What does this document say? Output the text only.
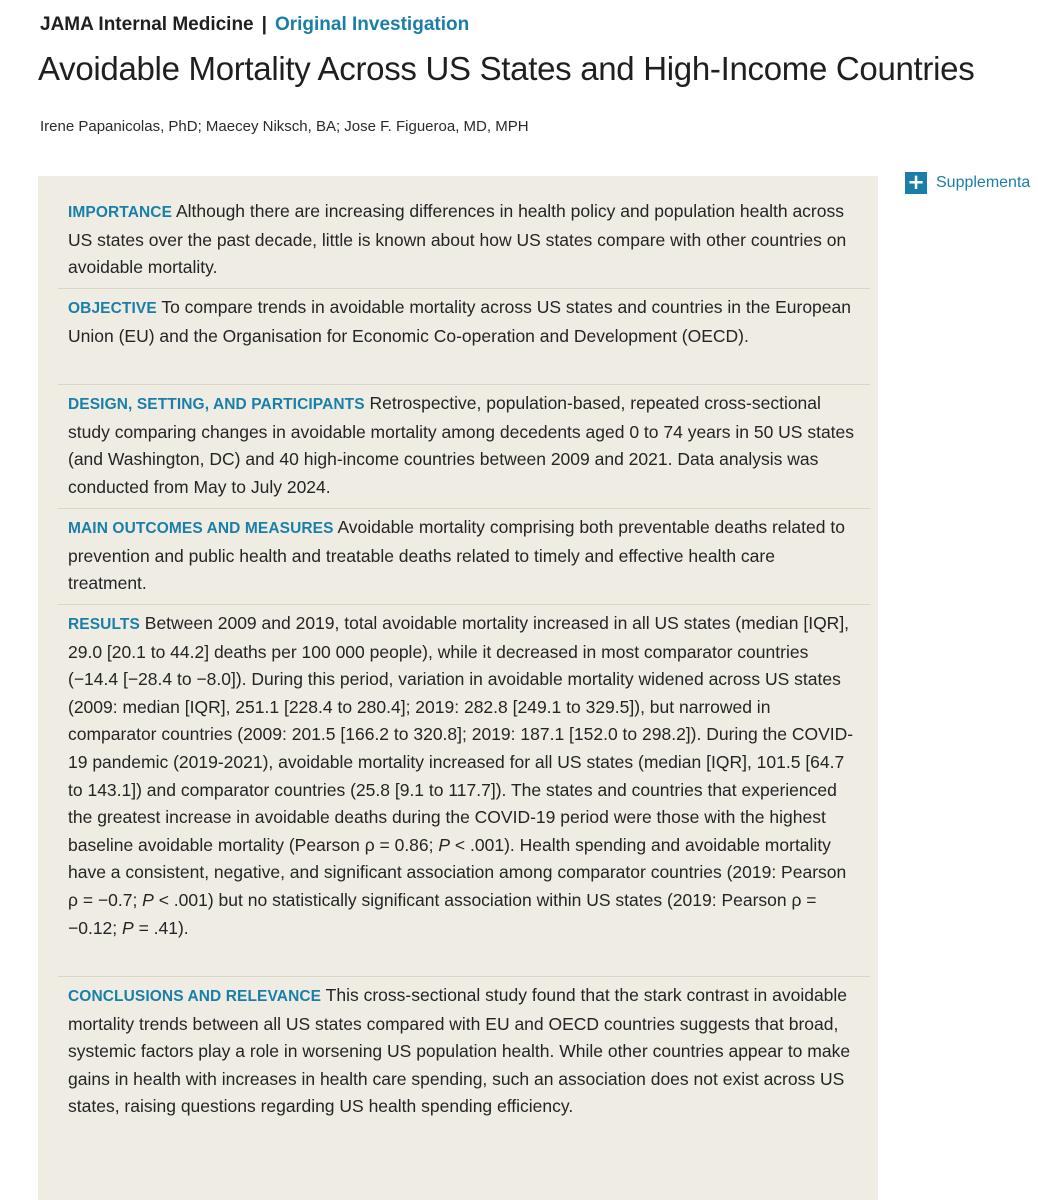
JAMA Internal Medicine | Original Investigation
Avoidable Mortality Across US States and High-Income Countries
Irene Papanicolas, PhD; Maecey Niksch, BA; Jose F. Figueroa, MD, MPH
IMPORTANCE Although there are increasing differences in health policy and population health across US states over the past decade, little is known about how US states compare with other countries on avoidable mortality.
OBJECTIVE To compare trends in avoidable mortality across US states and countries in the European Union (EU) and the Organisation for Economic Co-operation and Development (OECD).
DESIGN, SETTING, AND PARTICIPANTS Retrospective, population-based, repeated cross-sectional study comparing changes in avoidable mortality among decedents aged 0 to 74 years in 50 US states (and Washington, DC) and 40 high-income countries between 2009 and 2021. Data analysis was conducted from May to July 2024.
MAIN OUTCOMES AND MEASURES Avoidable mortality comprising both preventable deaths related to prevention and public health and treatable deaths related to timely and effective health care treatment.
RESULTS Between 2009 and 2019, total avoidable mortality increased in all US states (median [IQR], 29.0 [20.1 to 44.2] deaths per 100 000 people), while it decreased in most comparator countries (−14.4 [−28.4 to −8.0]). During this period, variation in avoidable mortality widened across US states (2009: median [IQR], 251.1 [228.4 to 280.4]; 2019: 282.8 [249.1 to 329.5]), but narrowed in comparator countries (2009: 201.5 [166.2 to 320.8]; 2019: 187.1 [152.0 to 298.2]). During the COVID-19 pandemic (2019-2021), avoidable mortality increased for all US states (median [IQR], 101.5 [64.7 to 143.1]) and comparator countries (25.8 [9.1 to 117.7]). The states and countries that experienced the greatest increase in avoidable deaths during the COVID-19 period were those with the highest baseline avoidable mortality (Pearson ρ = 0.86; P < .001). Health spending and avoidable mortality have a consistent, negative, and significant association among comparator countries (2019: Pearson ρ = −0.7; P < .001) but no statistically significant association within US states (2019: Pearson ρ = −0.12; P = .41).
CONCLUSIONS AND RELEVANCE This cross-sectional study found that the stark contrast in avoidable mortality trends between all US states compared with EU and OECD countries suggests that broad, systemic factors play a role in worsening US population health. While other countries appear to make gains in health with increases in health care spending, such an association does not exist across US states, raising questions regarding US health spending efficiency.
+ Supplementa
